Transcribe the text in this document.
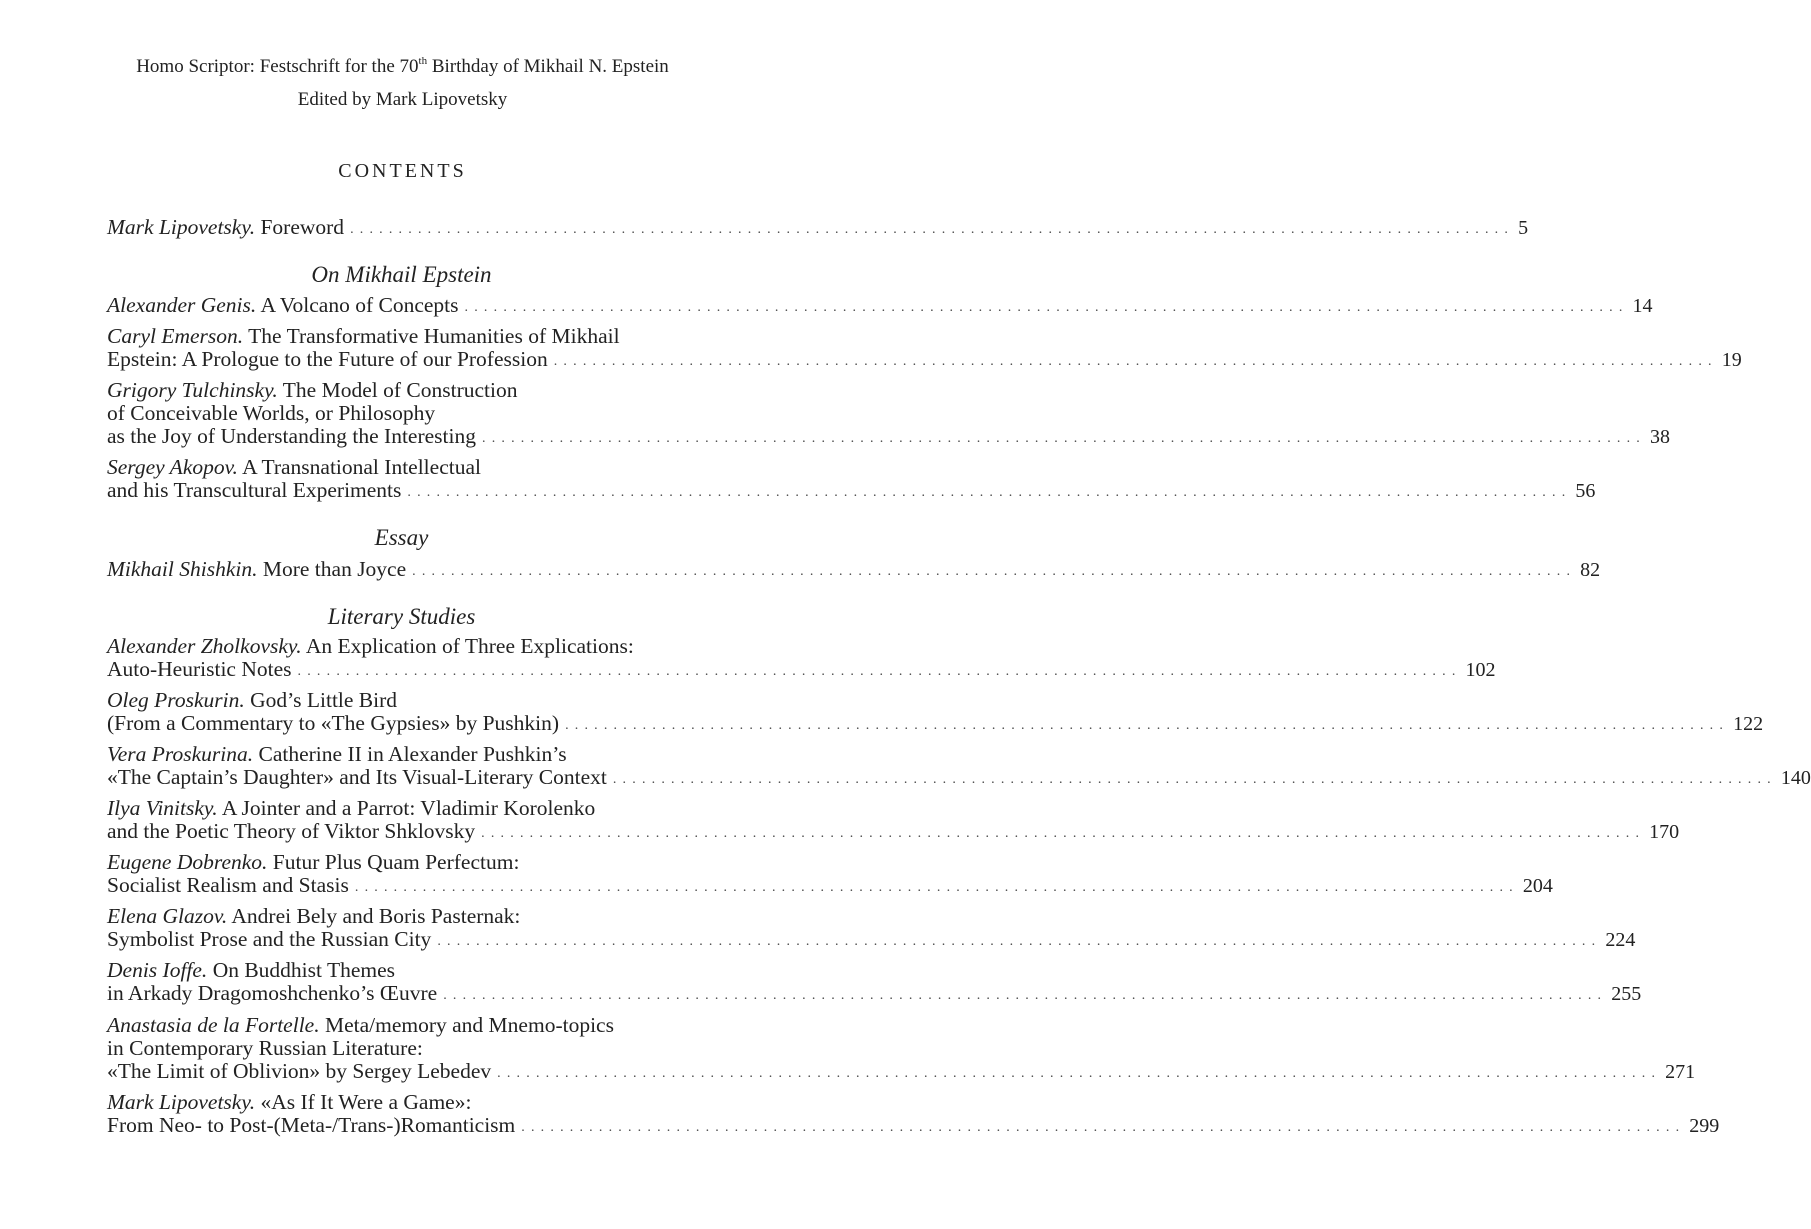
Homo Scriptor: Festschrift for the 70th Birthday of Mikhail N. Epstein
Edited by Mark Lipovetsky
CONTENTS
Mark Lipovetsky. Foreword ........................................................................................................................ 5
On Mikhail Epstein
Alexander Genis. A Volcano of Concepts ........................................................................................................................ 14
Caryl Emerson. The Transformative Humanities of Mikhail
Epstein: A Prologue to the Future of our Profession ........................................................................................................................ 19
Grigory Tulchinsky. The Model of Construction
of Conceivable Worlds, or Philosophy
as the Joy of Understanding the Interesting ........................................................................................................................ 38
Sergey Akopov. A Transnational Intellectual
and his Transcultural Experiments ........................................................................................................................ 56
Essay
Mikhail Shishkin. More than Joyce ........................................................................................................................ 82
Literary Studies
Alexander Zholkovsky. An Explication of Three Explications:
Auto-Heuristic Notes ........................................................................................................................ 102
Oleg Proskurin. God’s Little Bird
(From a Commentary to «The Gypsies» by Pushkin) ........................................................................................................................ 122
Vera Proskurina. Catherine II in Alexander Pushkin’s
«The Captain’s Daughter» and Its Visual-Literary Context ........................................................................................................................ 140
Ilya Vinitsky. A Jointer and a Parrot: Vladimir Korolenko
and the Poetic Theory of Viktor Shklovsky ........................................................................................................................ 170
Eugene Dobrenko. Futur Plus Quam Perfectum:
Socialist Realism and Stasis ........................................................................................................................ 204
Elena Glazov. Andrei Bely and Boris Pasternak:
Symbolist Prose and the Russian City ........................................................................................................................ 224
Denis Ioffe. On Buddhist Themes
in Arkady Dragomoshchenko’s Œuvre ........................................................................................................................ 255
Anastasia de la Fortelle. Meta/memory and Mnemo-topics
in Contemporary Russian Literature:
«The Limit of Oblivion» by Sergey Lebedev ........................................................................................................................ 271
Mark Lipovetsky. «As If It Were a Game»:
From Neo- to Post-(Meta-/Trans-)Romanticism ........................................................................................................................ 299
